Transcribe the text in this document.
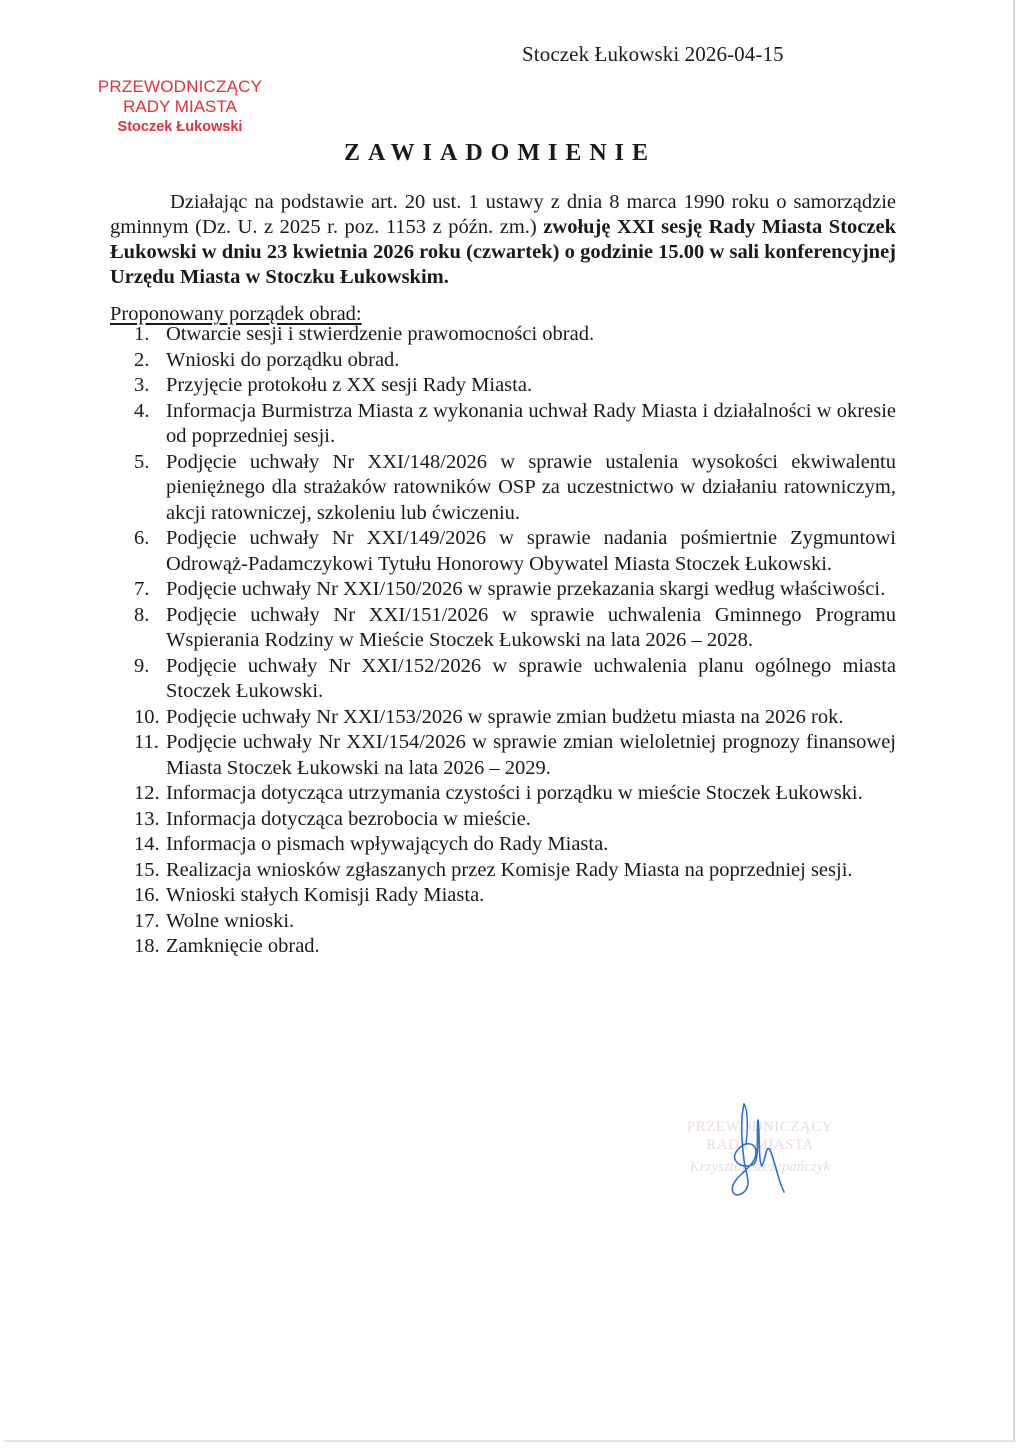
Stoczek Łukowski 2026-04-15
PRZEWODNICZĄCY
RADY MIASTA
Stoczek Łukowski
ZAWIADOMIENIE
Działając na podstawie art. 20 ust. 1 ustawy z dnia 8 marca 1990 roku o samorządzie gminnym (Dz. U. z 2025 r. poz. 1153 z późn. zm.) zwołuję XXI sesję Rady Miasta Stoczek Łukowski w dniu 23 kwietnia 2026 roku (czwartek) o godzinie 15.00 w sali konferencyjnej Urzędu Miasta w Stoczku Łukowskim.
Proponowany porządek obrad:
1. Otwarcie sesji i stwierdzenie prawomocności obrad.
2. Wnioski do porządku obrad.
3. Przyjęcie protokołu z XX sesji Rady Miasta.
4. Informacja Burmistrza Miasta z wykonania uchwał Rady Miasta i działalności w okresie od poprzedniej sesji.
5. Podjęcie uchwały Nr XXI/148/2026 w sprawie ustalenia wysokości ekwiwalentu pieniężnego dla strażaków ratowników OSP za uczestnictwo w działaniu ratowniczym, akcji ratowniczej, szkoleniu lub ćwiczeniu.
6. Podjęcie uchwały Nr XXI/149/2026 w sprawie nadania pośmiertnie Zygmuntowi Odrowąż-Padamczykowi Tytułu Honorowy Obywatel Miasta Stoczek Łukowski.
7. Podjęcie uchwały Nr XXI/150/2026 w sprawie przekazania skargi według właściwości.
8. Podjęcie uchwały Nr XXI/151/2026 w sprawie uchwalenia Gminnego Programu Wspierania Rodziny w Mieście Stoczek Łukowski na lata 2026 – 2028.
9. Podjęcie uchwały Nr XXI/152/2026 w sprawie uchwalenia planu ogólnego miasta Stoczek Łukowski.
10. Podjęcie uchwały Nr XXI/153/2026 w sprawie zmian budżetu miasta na 2026 rok.
11. Podjęcie uchwały Nr XXI/154/2026 w sprawie zmian wieloletniej prognozy finansowej Miasta Stoczek Łukowski na lata 2026 – 2029.
12. Informacja dotycząca utrzymania czystości i porządku w mieście Stoczek Łukowski.
13. Informacja dotycząca bezrobocia w mieście.
14. Informacja o pismach wpływających do Rady Miasta.
15. Realizacja wniosków zgłaszanych przez Komisje Rady Miasta na poprzedniej sesji.
16. Wnioski stałych Komisji Rady Miasta.
17. Wolne wnioski.
18. Zamknięcie obrad.
PRZEWODNICZĄCY
RADY MIASTA
Krzysztof Szczepańczyk
